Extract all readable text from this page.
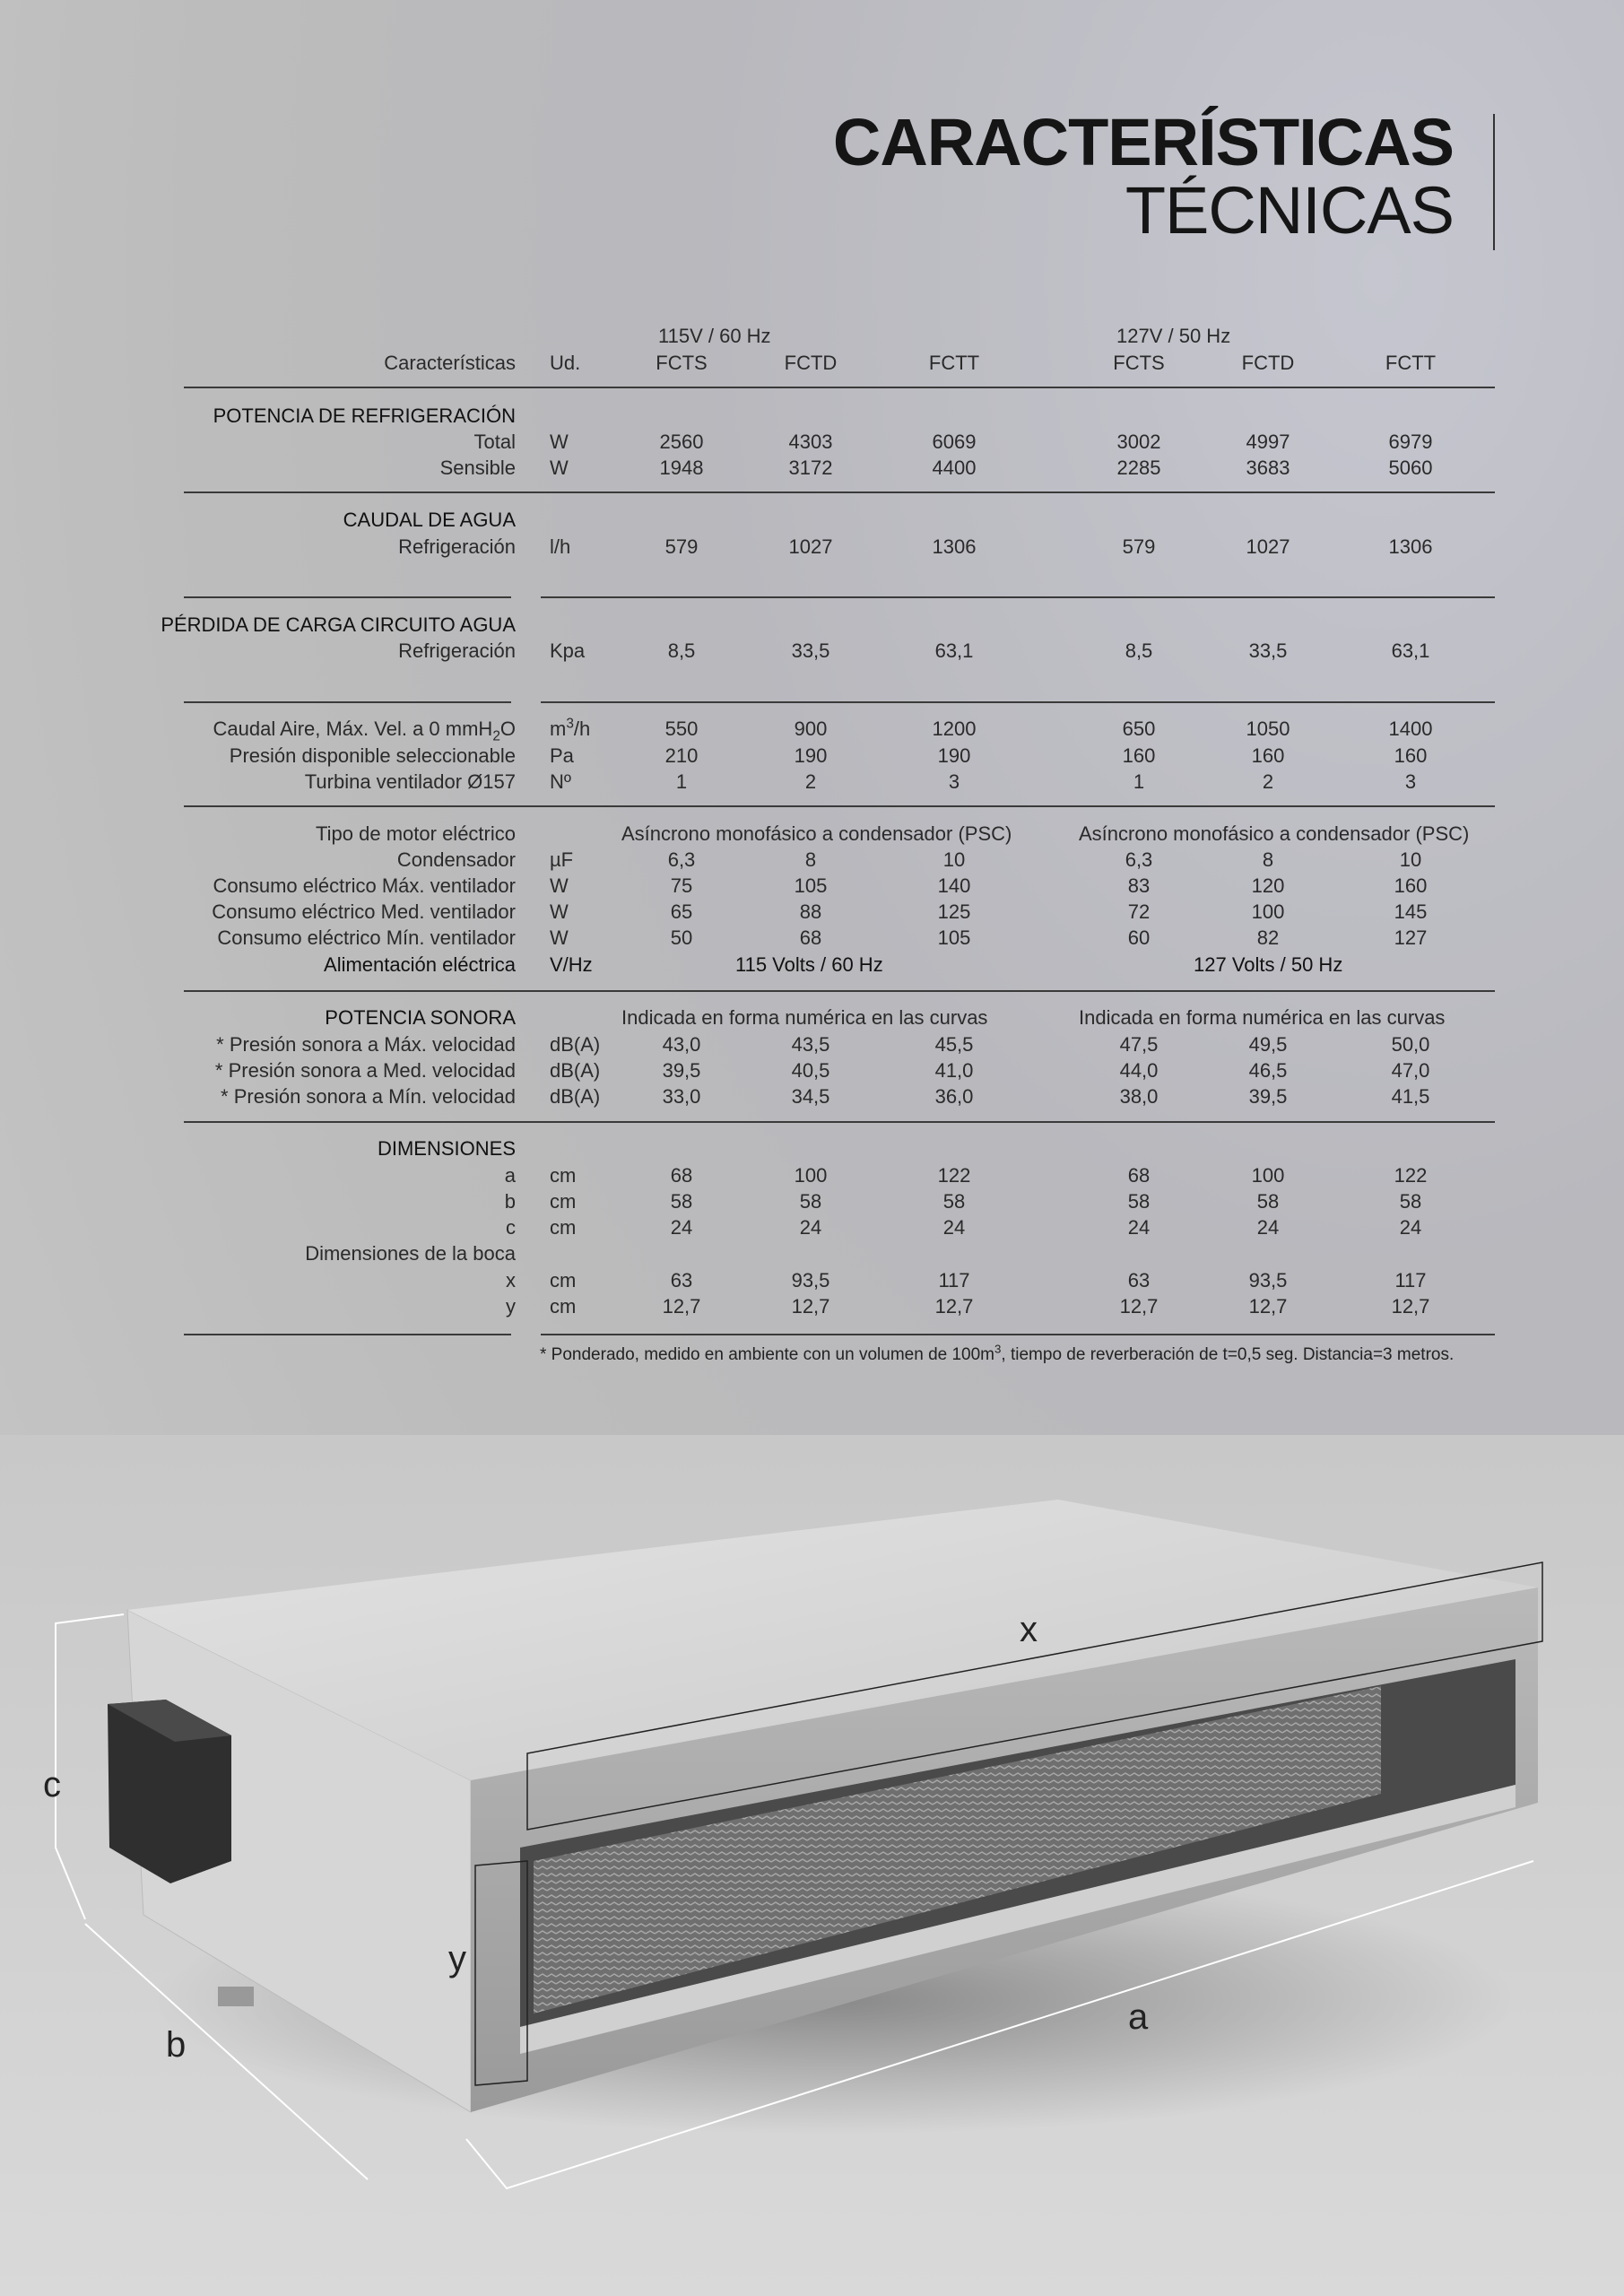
CARACTERÍSTICAS
TÉCNICAS
115V / 60 Hz	127V / 50 Hz
Características Ud.	FCTS	FCTD	FCTT	FCTS	FCTD	FCTT
POTENCIA DE REFRIGERACIÓN
Total W	2560	4303	6069	3002	4997	6979
Sensible W	1948	3172	4400	2285	3683	5060
CAUDAL DE AGUA
Refrigeración l/h	579	1027	1306	579	1027	1306
PÉRDIDA DE CARGA CIRCUITO AGUA
Refrigeración Kpa	8,5	33,5	63,1	8,5	33,5	63,1
Caudal Aire, Máx. Vel. a 0 mmH$_2$O $m^3/h$	550	900	1200	650	1050	1400
Presión disponible seleccionable Pa	210	190	190	160	160	160
Turbina ventilador Ø157 Nº	1	2	3	1	2	3
Tipo de motor eléctrico	Asíncrono monofásico a condensador (PSC)	Asíncrono monofásico a condensador (PSC)
Condensador µF	6,3	8	10	6,3	8	10
Consumo eléctrico Máx. ventilador W	75	105	140	83	120	160
Consumo eléctrico Med. ventilador W	65	88	125	72	100	145
Consumo eléctrico Mín. ventilador W	50	68	105	60	82	127
Alimentación eléctrica V/Hz	115 Volts / 60 Hz	127 Volts / 50 Hz
POTENCIA SONORA	Indicada en forma numérica en las curvas	Indicada en forma numérica en las curvas
* Presión sonora a Máx. velocidad dB(A)	43,0	43,5	45,5	47,5	49,5	50,0
* Presión sonora a Med. velocidad dB(A)	39,5	40,5	41,0	44,0	46,5	47,0
* Presión sonora a Mín. velocidad dB(A)	33,0	34,5	36,0	38,0	39,5	41,5
DIMENSIONES
a cm	68	100	122	68	100	122
b cm	58	58	58	58	58	58
c cm	24	24	24	24	24	24
Dimensiones de la boca
x cm	63	93,5	117	63	93,5	117
y cm	12,7	12,7	12,7	12,7	12,7	12,7
* Ponderado, medido en ambiente con un volumen de $100m^3$, tiempo de reverberación de t=0,5 seg. Distancia=3 metros.
x
y
a
b
c
